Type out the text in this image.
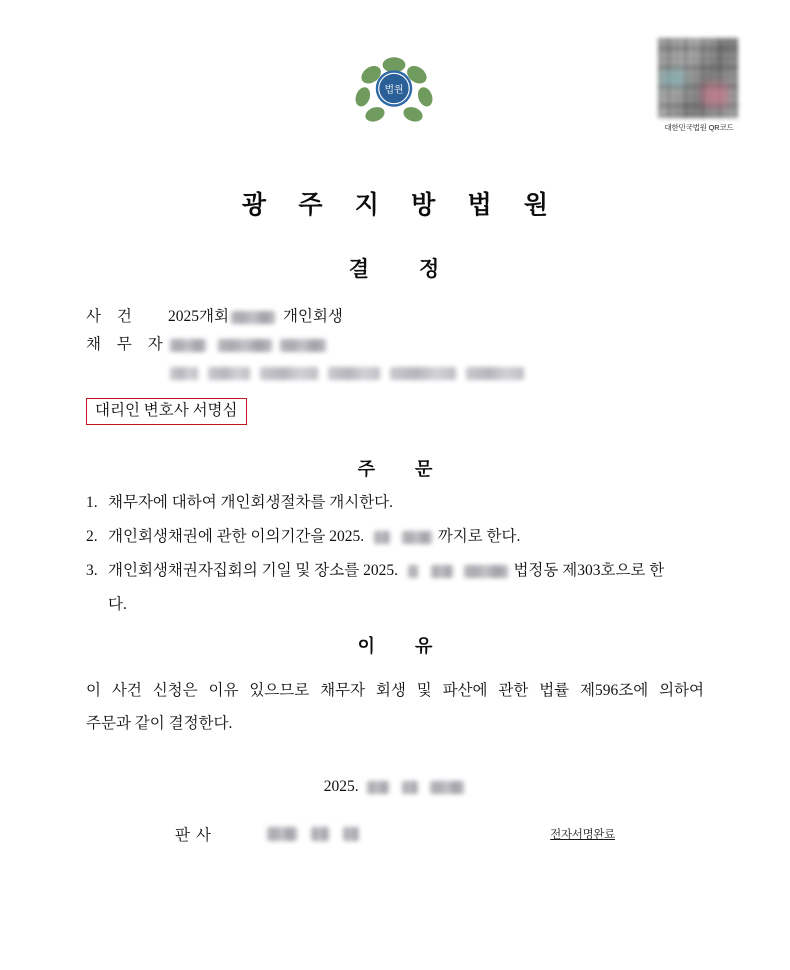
법원
대한민국법원 QR코드
광 주 지 방 법 원
결 정
사 건	2025개회	개인회생
채 무 자
대리인 변호사 서명심
주 문
1. 채무자에 대하여 개인회생절차를 개시한다.
2. 개인회생채권에 관한 이의기간을 2025.	까지로 한다.
3. 개인회생채권자집회의 기일 및 장소를 2025.	법정동 제303호으로 한
다.
이 유
이 사건 신청은 이유 있으므로 채무자 회생 및 파산에 관한 법률 제596조에 의하여
주문과 같이 결정한다.
2025.
판사	전자서명완료
